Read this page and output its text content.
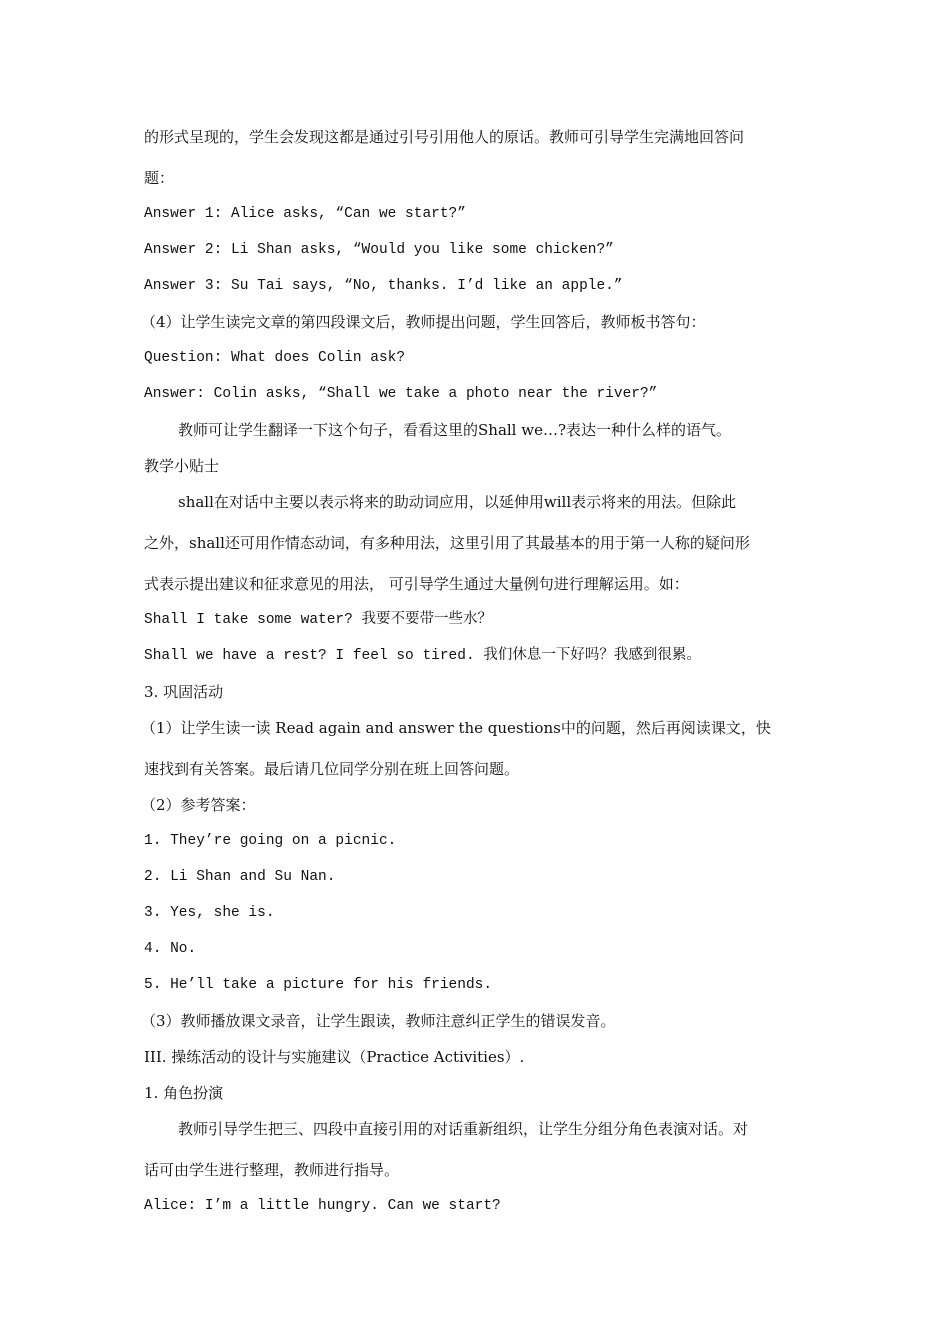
的形式呈现的，学生会发现这都是通过引号引用他人的原话。教师可引导学生完满地回答问
题：
Answer 1: Alice asks, “Can we start?”
Answer 2: Li Shan asks, “Would you like some chicken?”
Answer 3: Su Tai says, “No, thanks. I’d like an apple.”
（4）让学生读完文章的第四段课文后，教师提出问题，学生回答后，教师板书答句：
Question: What does Colin ask?
Answer: Colin asks, “Shall we take a photo near the river?”
教师可让学生翻译一下这个句子，看看这里的Shall we…?表达一种什么样的语气。
教学小贴士
shall在对话中主要以表示将来的助动词应用，以延伸用will表示将来的用法。但除此
之外，shall还可用作情态动词，有多种用法，这里引用了其最基本的用于第一人称的疑问形
式表示提出建议和征求意见的用法， 可引导学生通过大量例句进行理解运用。如：
Shall I take some water? 我要不要带一些水？
Shall we have a rest? I feel so tired. 我们休息一下好吗？我感到很累。
3. 巩固活动
（1）让学生读一读 Read again and answer the questions中的问题，然后再阅读课文，快
速找到有关答案。最后请几位同学分别在班上回答问题。
（2）参考答案：
1. They’re going on a picnic.
2. Li Shan and Su Nan.
3. Yes, she is.
4. No.
5. He’ll take a picture for his friends.
（3）教师播放课文录音，让学生跟读，教师注意纠正学生的错误发音。
III. 操练活动的设计与实施建议（Practice Activities）.
1. 角色扮演
教师引导学生把三、四段中直接引用的对话重新组织，让学生分组分角色表演对话。对
话可由学生进行整理，教师进行指导。
Alice: I’m a little hungry. Can we start?
